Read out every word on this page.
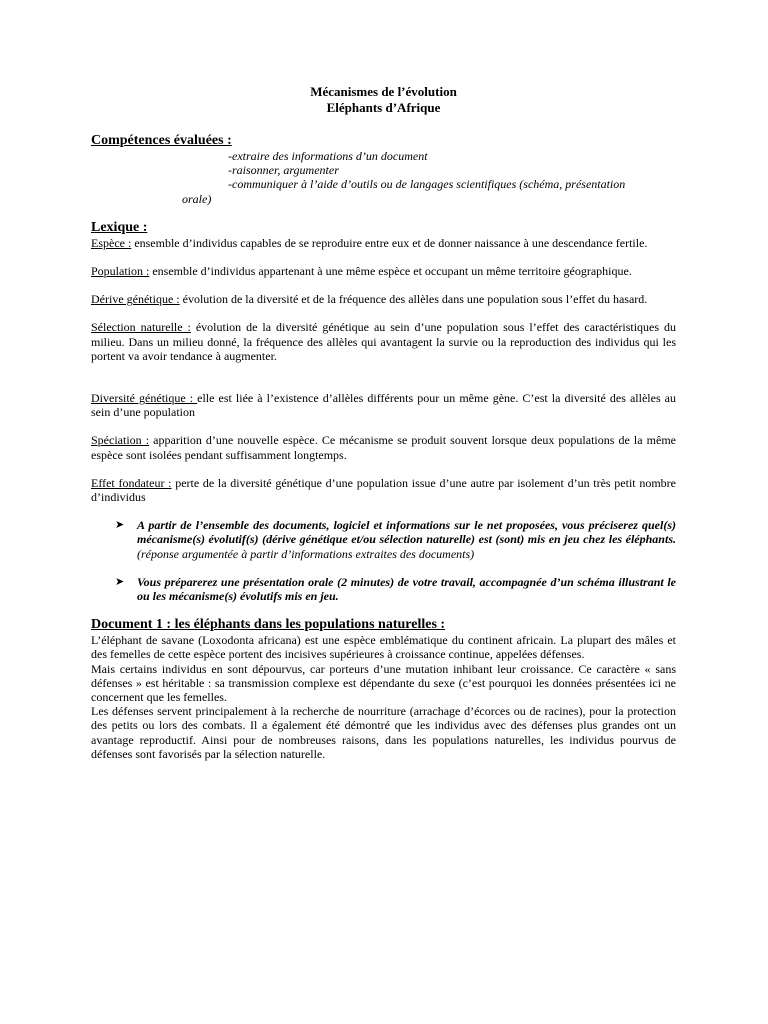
Mécanismes de l’évolution
Eléphants d’Afrique
Compétences évaluées :
-extraire des informations d’un document
-raisonner, argumenter
-communiquer à l’aide d’outils ou de langages scientifiques (schéma, présentation
orale)
Lexique :
Espèce : ensemble d’individus capables de se reproduire entre eux et de donner naissance à une descendance fertile.
Population : ensemble d’individus appartenant à une même espèce et occupant un même territoire géographique.
Dérive génétique : évolution de la diversité et de la fréquence des allèles dans une population sous l’effet du hasard.
Sélection naturelle : évolution de la diversité génétique au sein d’une population sous l’effet des caractéristiques du milieu. Dans un milieu donné, la fréquence des allèles qui avantagent la survie ou la reproduction des individus qui les portent va avoir tendance à augmenter.
Diversité génétique : elle est liée à l’existence d’allèles différents pour un même gène. C’est la diversité des allèles au sein d’une population
Spéciation : apparition d’une nouvelle espèce. Ce mécanisme se produit souvent lorsque deux populations de la même espèce sont isolées pendant suffisamment longtemps.
Effet fondateur : perte de la diversité génétique d’une population issue d’une autre par isolement d’un très petit nombre d’individus
➤ A partir de l’ensemble des documents, logiciel et informations sur le net proposées, vous préciserez quel(s) mécanisme(s) évolutif(s) (dérive génétique et/ou sélection naturelle) est (sont) mis en jeu chez les éléphants. (réponse argumentée à partir d’informations extraites des documents)
➤ Vous préparerez une présentation orale (2 minutes) de votre travail, accompagnée d’un schéma illustrant le ou les mécanisme(s) évolutifs mis en jeu.
Document 1 : les éléphants dans les populations naturelles :
L’éléphant de savane (Loxodonta africana) est une espèce emblématique du continent africain. La plupart des mâles et des femelles de cette espèce portent des incisives supérieures à croissance continue, appelées défenses.
Mais certains individus en sont dépourvus, car porteurs d’une mutation inhibant leur croissance. Ce caractère « sans défenses » est héritable : sa transmission complexe est dépendante du sexe (c’est pourquoi les données présentées ici ne concernent que les femelles.
Les défenses servent principalement à la recherche de nourriture (arrachage d’écorces ou de racines), pour la protection des petits ou lors des combats. Il a également été démontré que les individus avec des défenses plus grandes ont un avantage reproductif. Ainsi pour de nombreuses raisons, dans les populations naturelles, les individus pourvus de défenses sont favorisés par la sélection naturelle.
